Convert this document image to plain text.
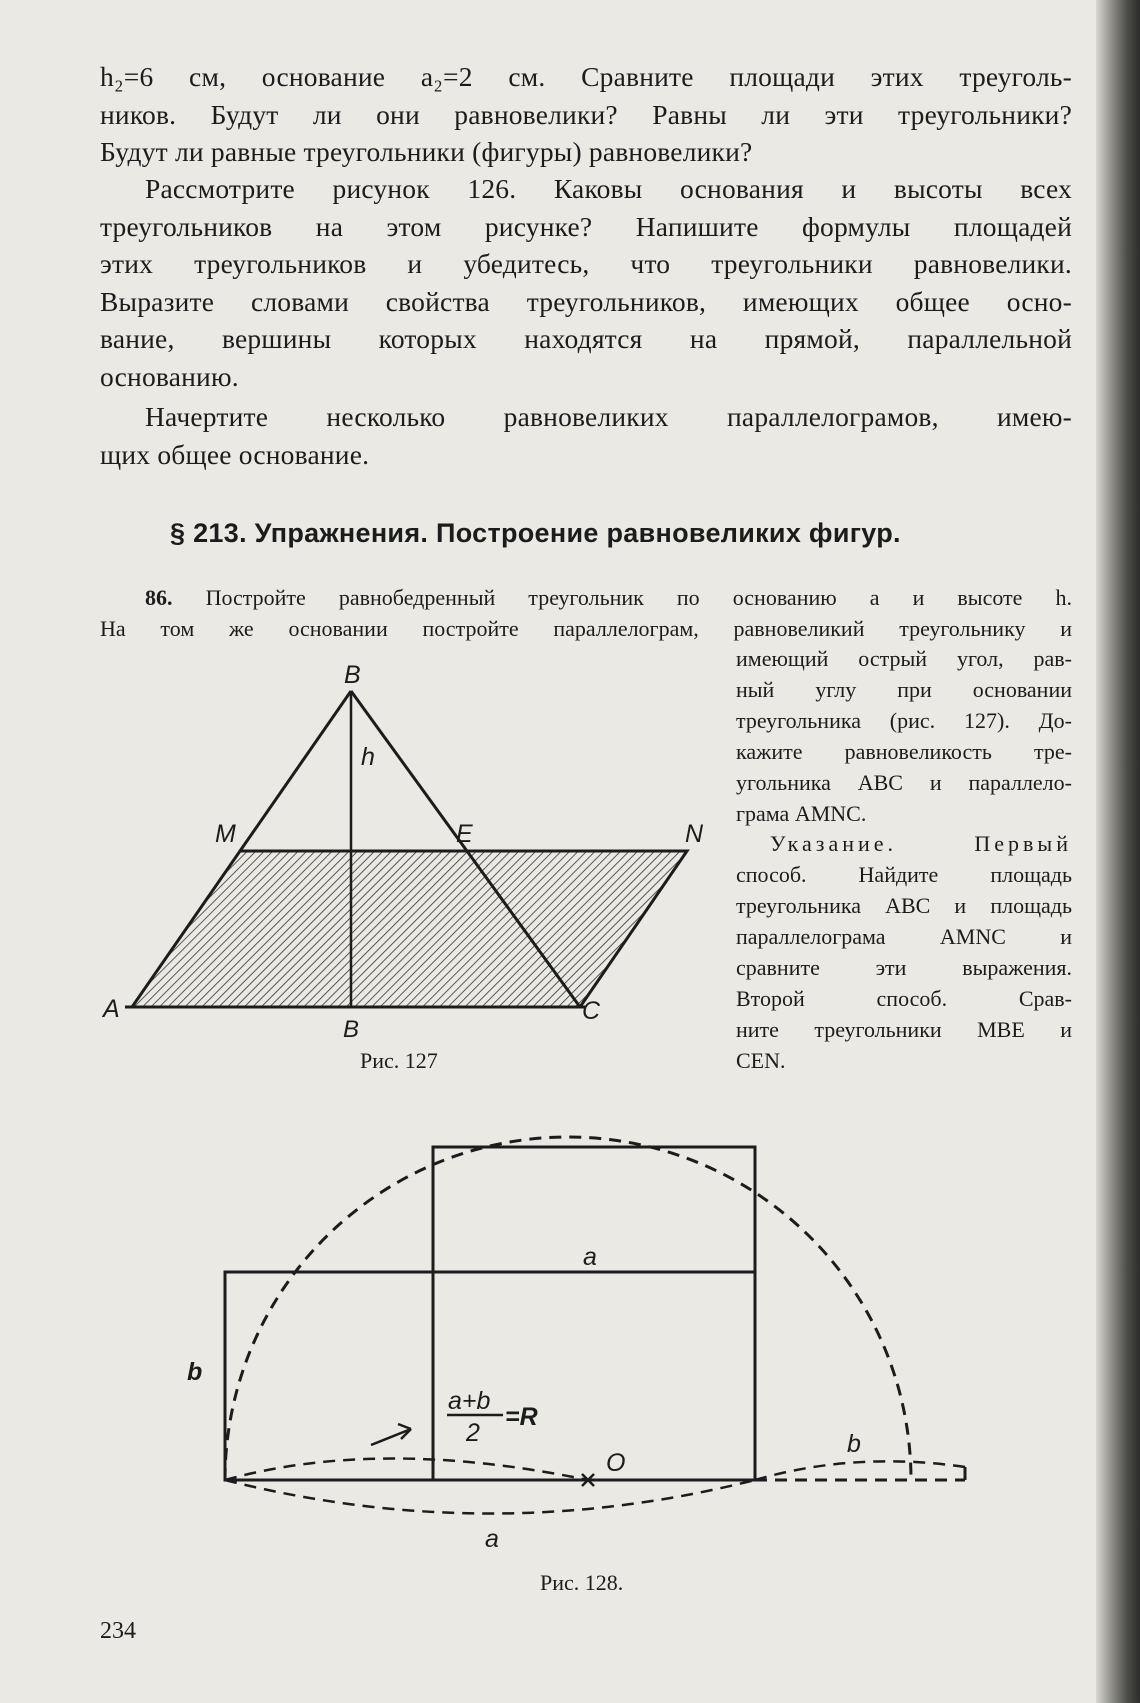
h₂=6 см, основание a₂=2 см. Сравните площади этих треуголь-
ников. Будут ли они равновелики? Равны ли эти треугольники?
Будут ли равные треугольники (фигуры) равновелики?

Рассмотрите рисунок 126. Каковы основания и высоты всех
треугольников на этом рисунке? Напишите формулы площадей
этих треугольников и убедитесь, что треугольники равновелики.
Выразите словами свойства треугольников, имеющих общее осно-
вание, вершины которых находятся на прямой, параллельной
основанию.

Начертите несколько равновеликих параллелограмов, имею-
щих общее основание.

§ 213. Упражнения. Построение равновеликих фигур.

86. Постройте равнобедренный треугольник по основанию a и высоте h.
На том же основании постройте параллелограм, равновеликий треугольнику и

имеющий острый угол, рав-
ный углу при основании
треугольника (рис. 127). До-
кажите равновеликость тре-
угольника ABC и параллело-
грама AMNC.

Указание.	Первый
способ. Найдите площадь
треугольника ABC и площадь
параллелограма AMNC и
сравните эти выражения.
Второй способ. Срав-
ните треугольники MBE и
CEN.

B
h
M	E	N
A
B
C

Рис. 127

a
b
a+b
2
=R
O
b
a

Рис. 128.

234
